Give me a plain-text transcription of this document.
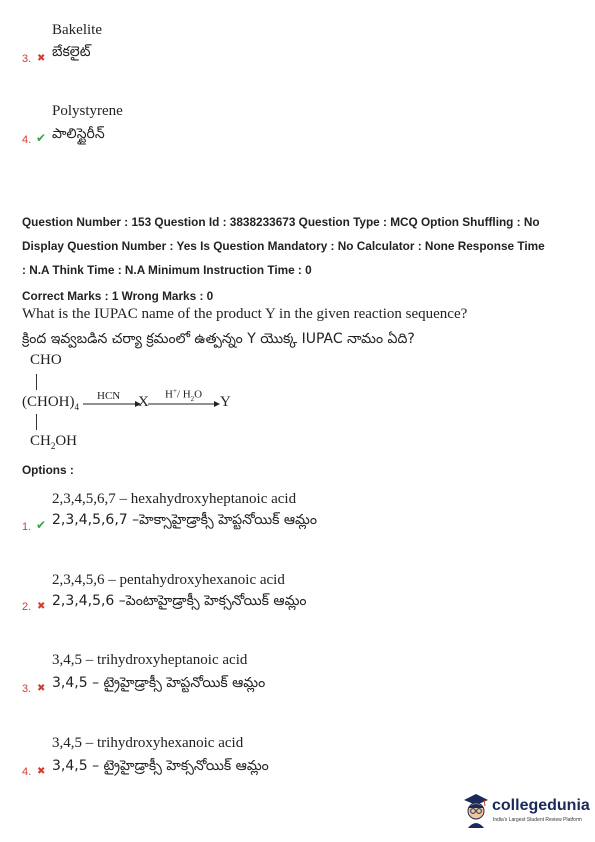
Bakelite
3. ✖ బేకలైట్
Polystyrene
4. ✔ పాలిస్టైరీన్
Question Number : 153 Question Id : 3838233673 Question Type : MCQ Option Shuffling : No
Display Question Number : Yes Is Question Mandatory : No Calculator : None Response Time
: N.A Think Time : N.A Minimum Instruction Time : 0
Correct Marks : 1 Wrong Marks : 0
What is the IUPAC name of the product Y in the given reaction sequence?
క్రింద ఇవ్వబడిన చర్యా క్రమంలో ఉత్పన్నం Y యొక్క IUPAC నామం ఏది?
CHO
$(CHOH)_4$
$CH_2OH$
HCN X H+/ $H_2O$ Y
Options :
2,3,4,5,6,7 – hexahydroxyheptanoic acid
1. ✔ 2,3,4,5,6,7 –హెక్సాహైడ్రాక్సీ హెప్టనోయిక్ ఆమ్లం
2,3,4,5,6 – pentahydroxyhexanoic acid
2. ✖ 2,3,4,5,6 –పెంటాహైడ్రాక్సీ హెక్సనోయిక్ ఆమ్లం
3,4,5 – trihydroxyheptanoic acid
3. ✖ 3,4,5 – ట్రైహైడ్రాక్సీ హెప్టనోయిక్ ఆమ్లం
3,4,5 – trihydroxyhexanoic acid
4. ✖ 3,4,5 – ట్రైహైడ్రాక్సీ హెక్సనోయిక్ ఆమ్లం
collegedunia
India's Largest Student Review Platform
